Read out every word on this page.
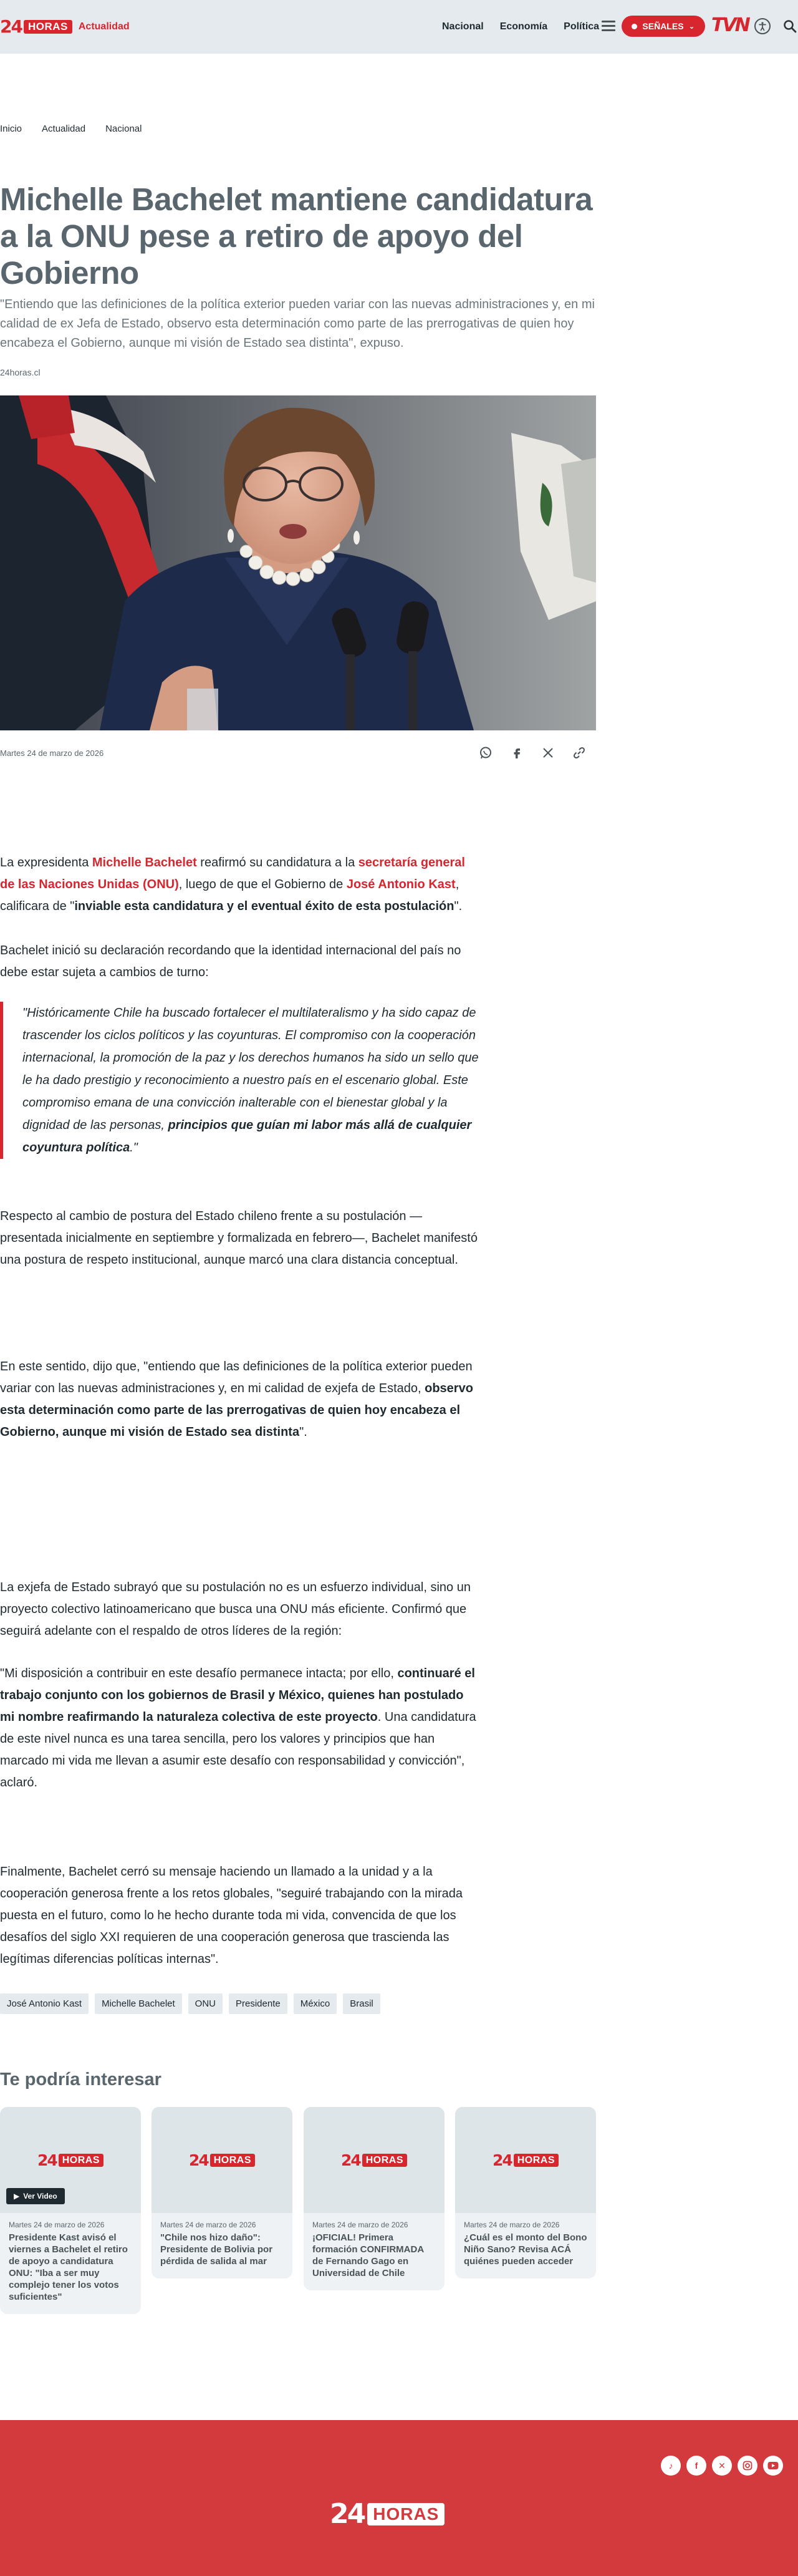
24 HORAS	Actualidad	Nacional Economía Política	SEÑALES ⌄ TVN
Inicio Actualidad Nacional
Michelle Bachelet mantiene candidatura a la ONU pese a retiro de apoyo del Gobierno

"Entiendo que las definiciones de la política exterior pueden variar con las nuevas administraciones y, en mi calidad de ex Jefa de Estado, observo esta determinación como parte de las prerrogativas de quien hoy encabeza el Gobierno, aunque mi visión de Estado sea distinta", expuso.

24horas.cl
Martes 24 de marzo de 2026

La expresidenta Michelle Bachelet reafirmó su candidatura a la secretaría general de las Naciones Unidas (ONU), luego de que el Gobierno de José Antonio Kast, calificara de "inviable esta candidatura y el eventual éxito de esta postulación".

Bachelet inició su declaración recordando que la identidad internacional del país no debe estar sujeta a cambios de turno:

"Históricamente Chile ha buscado fortalecer el multilateralismo y ha sido capaz de trascender los ciclos políticos y las coyunturas. El compromiso con la cooperación internacional, la promoción de la paz y los derechos humanos ha sido un sello que le ha dado prestigio y reconocimiento a nuestro país en el escenario global. Este compromiso emana de una convicción inalterable con el bienestar global y la dignidad de las personas, principios que guían mi labor más allá de cualquier coyuntura política."

Respecto al cambio de postura del Estado chileno frente a su postulación —presentada inicialmente en septiembre y formalizada en febrero—, Bachelet manifestó una postura de respeto institucional, aunque marcó una clara distancia conceptual.

En este sentido, dijo que, "entiendo que las definiciones de la política exterior pueden variar con las nuevas administraciones y, en mi calidad de exjefa de Estado, observo esta determinación como parte de las prerrogativas de quien hoy encabeza el Gobierno, aunque mi visión de Estado sea distinta".

La exjefa de Estado subrayó que su postulación no es un esfuerzo individual, sino un proyecto colectivo latinoamericano que busca una ONU más eficiente. Confirmó que seguirá adelante con el respaldo de otros líderes de la región:

"Mi disposición a contribuir en este desafío permanece intacta; por ello, continuaré el trabajo conjunto con los gobiernos de Brasil y México, quienes han postulado mi nombre reafirmando la naturaleza colectiva de este proyecto. Una candidatura de este nivel nunca es una tarea sencilla, pero los valores y principios que han marcado mi vida me llevan a asumir este desafío con responsabilidad y convicción", aclaró.

Finalmente, Bachelet cerró su mensaje haciendo un llamado a la unidad y a la cooperación generosa frente a los retos globales, "seguiré trabajando con la mirada puesta en el futuro, como lo he hecho durante toda mi vida, convencida de que los desafíos del siglo XXI requieren de una cooperación generosa que trascienda las legítimas diferencias políticas internas".

José Antonio Kast	Michelle Bachelet	ONU	Presidente	México	Brasil
Te podría interesar
24 HORAS
▶ Ver Video
Martes 24 de marzo de 2026
Presidente Kast avisó el viernes a Bachelet el retiro de apoyo a candidatura ONU: "Iba a ser muy complejo tener los votos suficientes"
24 HORAS
Martes 24 de marzo de 2026
"Chile nos hizo daño": Presidente de Bolivia por pérdida de salida al mar
24 HORAS
Martes 24 de marzo de 2026
¡OFICIAL! Primera formación CONFIRMADA de Fernando Gago en Universidad de Chile
24 HORAS
Martes 24 de marzo de 2026
¿Cuál es el monto del Bono Niño Sano? Revisa ACÁ quiénes pueden acceder
♪	f	✕
24 HORAS
